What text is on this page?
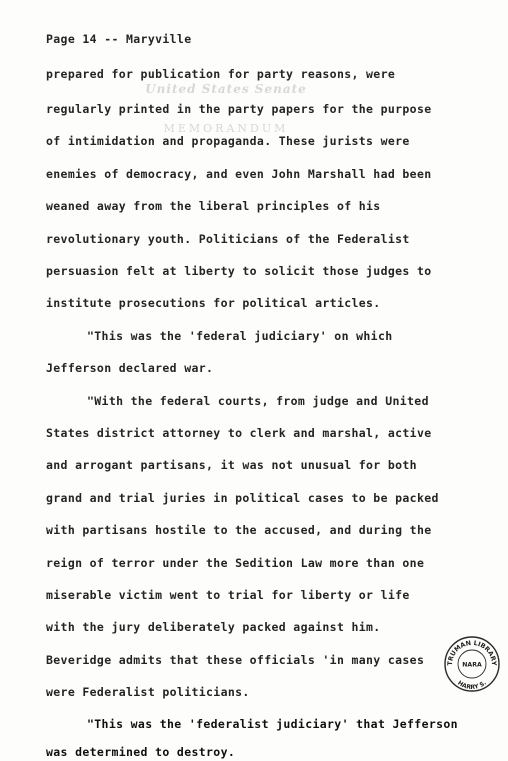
United States Senate
MEMORANDUM
Page 14 -- Maryville
prepared for publication for party reasons, were
regularly printed in the party papers for the purpose
of intimidation and propaganda. These jurists were
enemies of democracy, and even John Marshall had been
weaned away from the liberal principles of his
revolutionary youth. Politicians of the Federalist
persuasion felt at liberty to solicit those judges to
institute prosecutions for political articles.
"This was the 'federal judiciary' on which
Jefferson declared war.
"With the federal courts, from judge and United
States district attorney to clerk and marshal, active
and arrogant partisans, it was not unusual for both
grand and trial juries in political cases to be packed
with partisans hostile to the accused, and during the
reign of terror under the Sedition Law more than one
miserable victim went to trial for liberty or life
with the jury deliberately packed against him.
Beveridge admits that these officials 'in many cases
were Federalist politicians.
"This was the 'federalist judiciary' that Jefferson
was determined to destroy.
TRUMAN LIBRARY
NARA
HARRY S.
